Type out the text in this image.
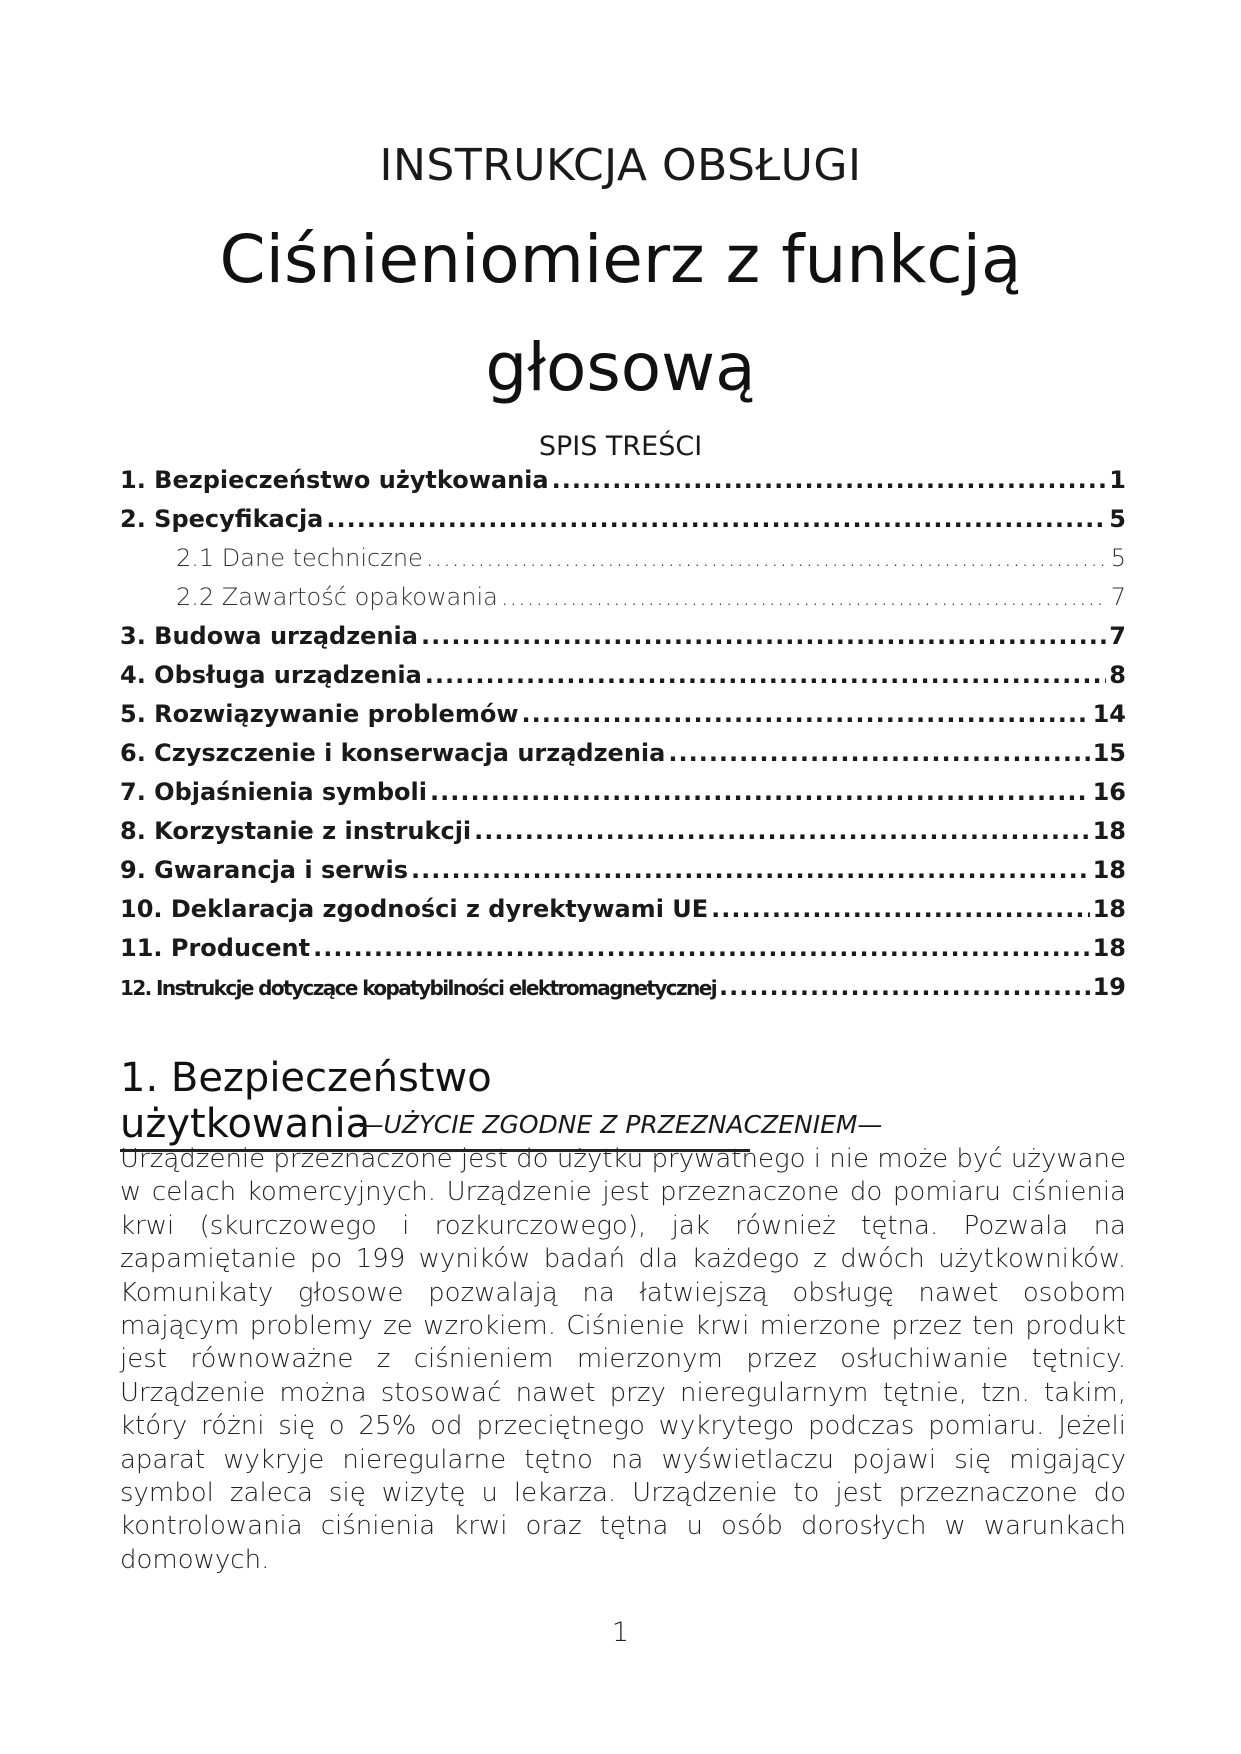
INSTRUKCJA OBSŁUGI
Ciśnieniomierz z funkcją głosową
SPIS TREŚCI
1. Bezpieczeństwo użytkowania .....	1
2. Specyfikacja .....	5
2.1 Dane techniczne .....	5
2.2 Zawartość opakowania .....	7
3. Budowa urządzenia .....	7
4. Obsługa urządzenia .....	8
5. Rozwiązywanie problemów .....	14
6. Czyszczenie i konserwacja urządzenia .....	15
7. Objaśnienia symboli .....	16
8. Korzystanie z instrukcji .....	18
9. Gwarancja i serwis .....	18
10. Deklaracja zgodności z dyrektywami UE .....	18
11. Producent .....	18
12. Instrukcje dotyczące kopatybilności elektromagnetycznej .....	19
1. Bezpieczeństwo użytkowania
—UŻYCIE ZGODNE Z PRZEZNACZENIEM—

Urządzenie przeznaczone jest do użytku prywatnego i nie może być używane w celach komercyjnych. Urządzenie jest przeznaczone do pomiaru ciśnienia krwi (skurczowego i rozkurczowego), jak również tętna. Pozwala na zapamiętanie po 199 wyników badań dla każdego z dwóch użytkowników. Komunikaty głosowe pozwalają na łatwiejszą obsługę nawet osobom mającym problemy ze wzrokiem. Ciśnienie krwi mierzone przez ten produkt jest równoważne z ciśnieniem mierzonym przez osłuchiwanie tętnicy. Urządzenie można stosować nawet przy nieregularnym tętnie, tzn. takim, który różni się o 25% od przeciętnego wykrytego podczas pomiaru. Jeżeli aparat wykryje nieregularne tętno na wyświetlaczu pojawi się migający symbol zaleca się wizytę u lekarza. Urządzenie to jest przeznaczone do kontrolowania ciśnienia krwi oraz tętna u osób dorosłych w warunkach domowych.

1
